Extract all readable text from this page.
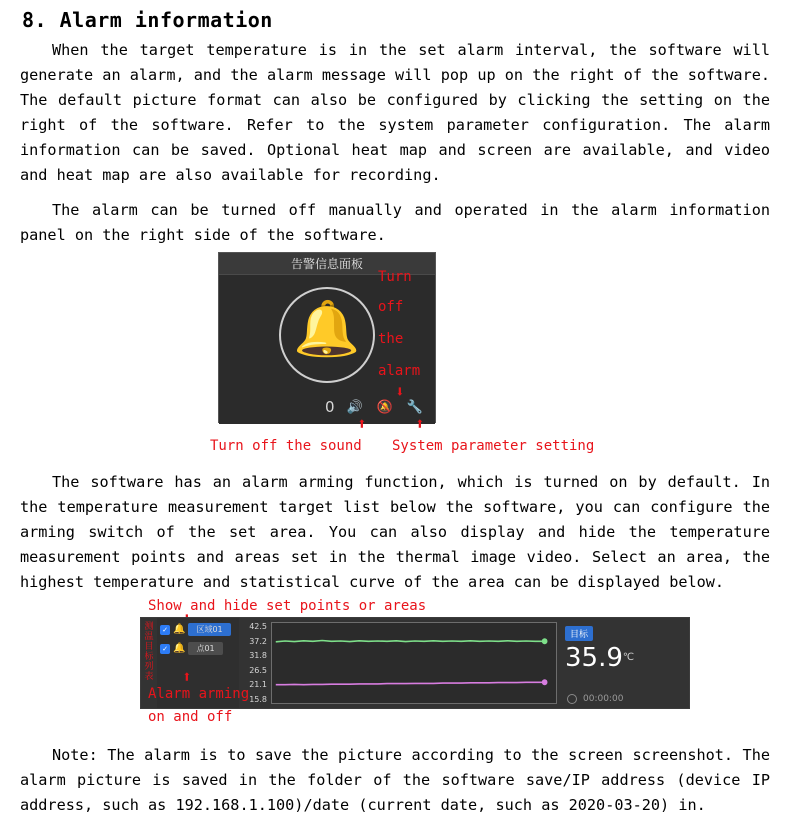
8. Alarm information

When the target temperature is in the set alarm interval, the software will generate an alarm, and the alarm message will pop up on the right of the software. The default picture format can also be configured by clicking the setting on the right of the software. Refer to the system parameter configuration. The alarm information can be saved. Optional heat map and screen are available, and video and heat map are also available for recording.

The alarm can be turned off manually and operated in the alarm information panel on the right side of the software.

告警信息面板
🔔
0 🔊 🔕 🔧
Turn
off
the
alarm
⬇
⬆	⬆
Turn off the sound System parameter setting

The software has an alarm arming function, which is turned on by default. In the temperature measurement target list below the software, you can configure the arming switch of the set area. You can also display and hide the temperature measurement points and areas set in the thermal image video. Select an area, the highest temperature and statistical curve of the area can be displayed below.

Show and hide set points or areas
测温目标列表
✓ 🔔	区域01
✓ 🔔	点01
42.5
37.2
31.8
26.5
21.1
15.8
目标
35.9℃
00:00:00
⬆
Alarm arming on and off

Note: The alarm is to save the picture according to the screen screenshot. The alarm picture is saved in the folder of the software save/IP address (device IP address, such as 192.168.1.100)/date (current date, such as 2020-03-20) in.
